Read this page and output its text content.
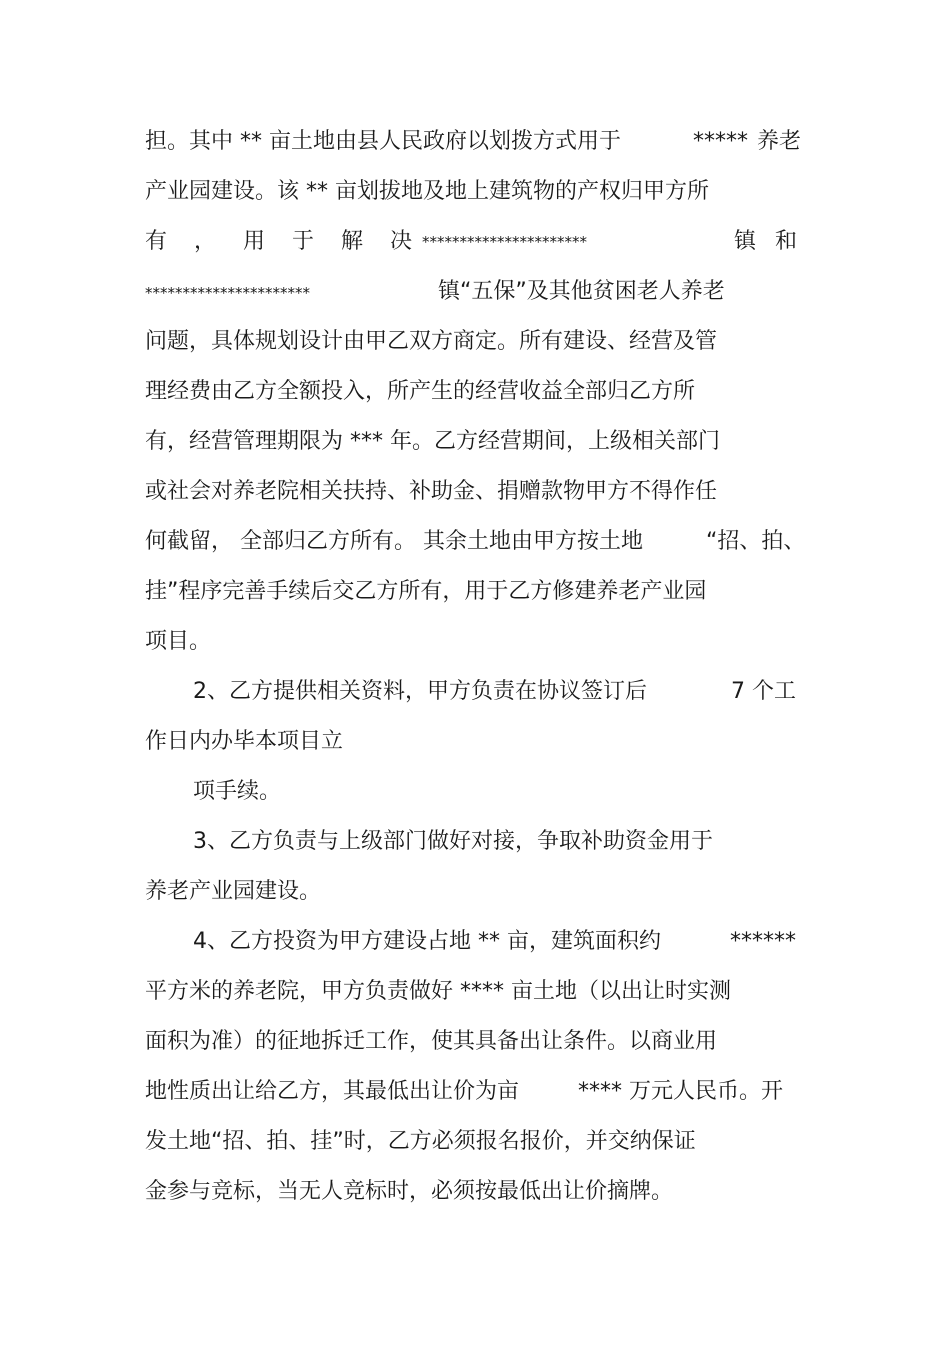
担。其中 ** 亩土地由县人民政府以划拨方式用于	***** 养老
产业园建设。该 ** 亩划拔地及地上建筑物的产权归甲方所
有 ， 用 于 解 决 **********************	镇 和
**********************	镇“五保”及其他贫困老人养老
问题，具体规划设计由甲乙双方商定。所有建设、经营及管
理经费由乙方全额投入，所产生的经营收益全部归乙方所
有，经营管理期限为 *** 年。乙方经营期间，上级相关部门
或社会对养老院相关扶持、补助金、捐赠款物甲方不得作任
何截留， 全部归乙方所有。 其余土地由甲方按土地	“招、拍、
挂”程序完善手续后交乙方所有，用于乙方修建养老产业园
项目。
2、乙方提供相关资料，甲方负责在协议签订后	7 个工
作日内办毕本项目立
项手续。
3、乙方负责与上级部门做好对接，争取补助资金用于
养老产业园建设。
4、乙方投资为甲方建设占地 ** 亩，建筑面积约	******
平方米的养老院，甲方负责做好 **** 亩土地（以出让时实测
面积为准）的征地拆迁工作，使其具备出让条件。以商业用
地性质出让给乙方，其最低出让价为亩	**** 万元人民币。开
发土地“招、拍、挂”时，乙方必须报名报价，并交纳保证
金参与竞标，当无人竞标时，必须按最低出让价摘牌。
